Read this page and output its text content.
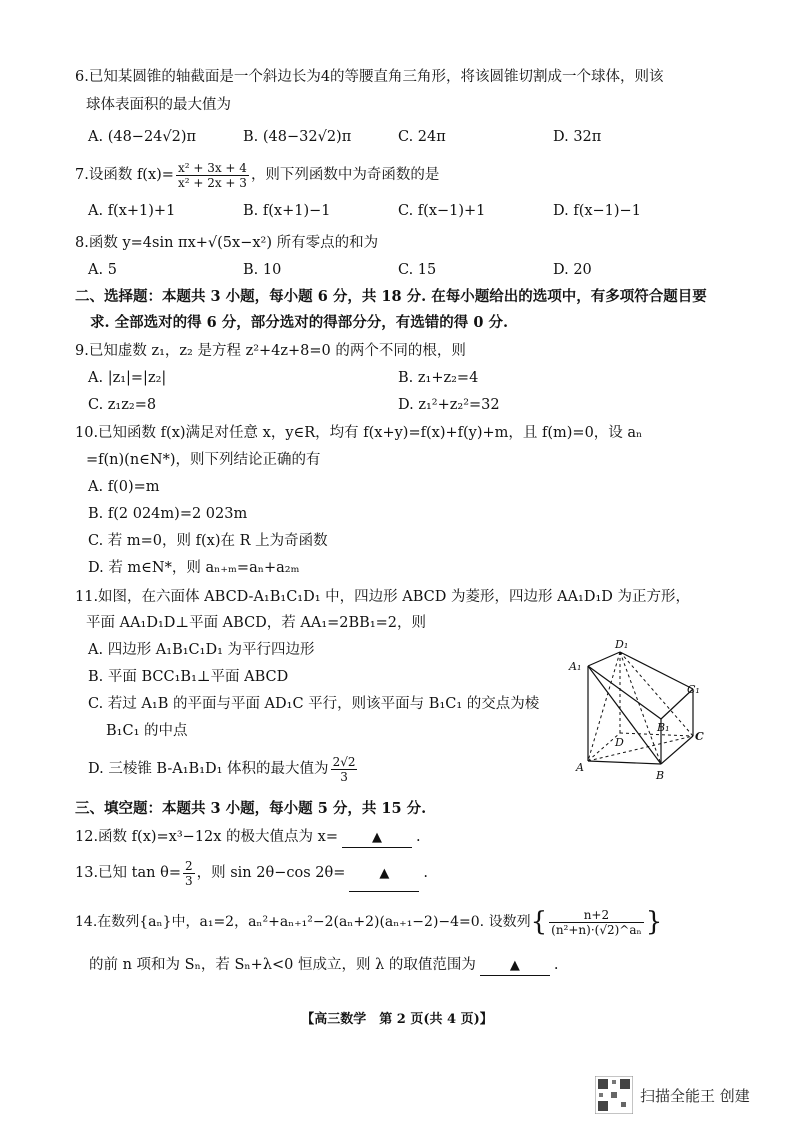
6.已知某圆锥的轴截面是一个斜边长为4的等腰直角三角形，将该圆锥切割成一个球体，则该
球体表面积的最大值为
A. (48−24√2)π	B. (48−32√2)π	C. 24π	D. 32π
7.设函数 $f(x)= \frac{\text{x² + 3x + 4}}{\text{x² + 2x + 3}}$ ，则下列函数中为奇函数的是
A. f(x+1)+1	B. f(x+1)−1	C. f(x−1)+1	D. f(x−1)−1
8.函数 y=4sin πx+√(5x−x²) 所有零点的和为
A. 5	B. 10	C. 15	D. 20
二、选择题：本题共 3 小题，每小题 6 分，共 18 分. 在每小题给出的选项中，有多项符合题目要
求. 全部选对的得 6 分，部分选对的得部分分，有选错的得 0 分.
9.已知虚数 z₁，z₂ 是方程 z²+4z+8=0 的两个不同的根，则
A. |z₁|=|z₂|	B. z₁+z₂=4
C. z₁z₂=8	D. z₁²+z₂²=32
10.已知函数 f(x)满足对任意 x，y∈R，均有 f(x+y)=f(x)+f(y)+m，且 f(m)=0，设 aₙ
=f(n)(n∈N*)，则下列结论正确的有
A. f(0)=m
B. f(2 024m)=2 023m
C. 若 m=0，则 f(x)在 R 上为奇函数
D. 若 m∈N*，则 aₙ₊ₘ=aₙ+a₂ₘ
11.如图，在六面体 ABCD-A₁B₁C₁D₁ 中，四边形 ABCD 为菱形，四边形 AA₁D₁D 为正方形，
平面 AA₁D₁D⊥平面 ABCD，若 AA₁=2BB₁=2，则
A. 四边形 A₁B₁C₁D₁ 为平行四边形
B. 平面 BCC₁B₁⊥平面 ABCD
C. 若过 A₁B 的平面与平面 AD₁C 平行，则该平面与 B₁C₁ 的交点为棱
B₁C₁ 的中点
D. 三棱锥 B-A₁B₁D₁ 体积的最大值为 $\frac{2√2}{3}$
D₁
A₁
C₁
B₁
D	C
A
B
三、填空题：本题共 3 小题，每小题 5 分，共 15 分.
12.函数 f(x)=x³−12x 的极大值点为 x=	▲ .
13.已知 $\tan \theta= \frac{2}{3}$ ，则 sin 2θ−cos 2θ=	▲ .
14.在数列{aₙ}中，a₁=2，aₙ²+aₙ₊₁²−2(aₙ+2)(aₙ₊₁−2)−4=0. 设数列{ $\frac{n+2}{\text{(n²+n)·(√2)\textasciicircum{}aₙ}}$ }
的前 n 项和为 Sₙ，若 Sₙ+λ<0 恒成立，则 λ 的取值范围为	▲ .
【高三数学　第 2 页(共 4 页)】
扫描全能王 创建
